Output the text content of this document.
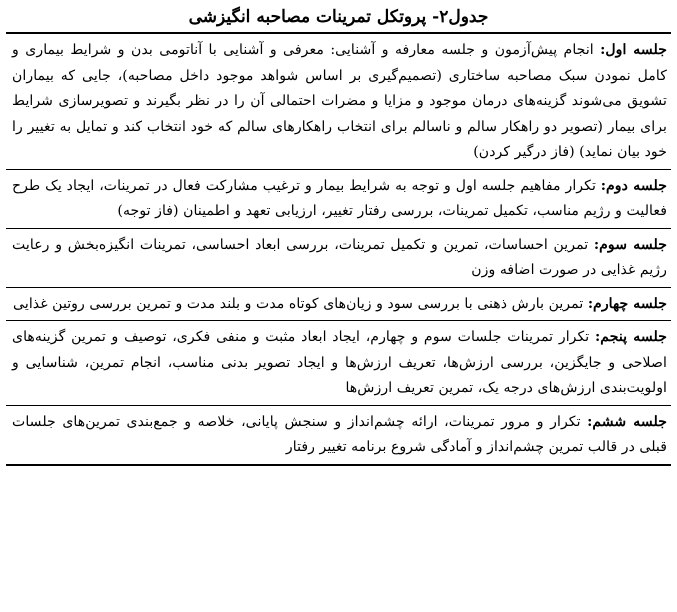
جدول۲- پروتکل تمرینات مصاحبه انگیزشی
جلسه اول: انجام پیش‌آزمون و جلسه معارفه و آشنایی: معرفی و آشنایی با آناتومی بدن و شرایط بیماری و کامل نمودن سبک مصاحبه ساختاری (تصمیم‌گیری بر اساس شواهد موجود داخل مصاحبه)، جایی که بیماران تشویق می‌شوند گزینه‌های درمان موجود و مزایا و مضرات احتمالی آن را در نظر بگیرند و تصویرسازی شرایط برای بیمار (تصویر دو راهکار سالم و ناسالم برای انتخاب راهکارهای سالم که خود انتخاب کند و تمایل به تغییر را خود بیان نماید) (فاز درگیر کردن)
جلسه دوم: تکرار مفاهیم جلسه اول و توجه به شرایط بیمار و ترغیب مشارکت فعال در تمرینات، ایجاد یک طرح فعالیت و رژیم مناسب، تکمیل تمرینات، بررسی رفتار تغییر، ارزیابی تعهد و اطمینان (فاز توجه)
جلسه سوم: تمرین احساسات، تمرین و تکمیل تمرینات، بررسی ابعاد احساسی، تمرینات انگیزه‌بخش و رعایت رژیم غذایی در صورت اضافه وزن
جلسه چهارم: تمرین بارش ذهنی با بررسی سود و زیان‌های کوتاه مدت و بلند مدت و تمرین بررسی روتین غذایی
جلسه پنجم: تکرار تمرینات جلسات سوم و چهارم، ایجاد ابعاد مثبت و منفی فکری، توصیف و تمرین گزینه‌های اصلاحی و جایگزین، بررسی ارزش‌ها، تعریف ارزش‌ها و ایجاد تصویر بدنی مناسب، انجام تمرین، شناسایی و اولویت‌بندی ارزش‌های درجه یک، تمرین تعریف ارزش‌ها
جلسه ششم: تکرار و مرور تمرینات، ارائه چشم‌انداز و سنجش پایانی، خلاصه و جمع‌بندی تمرین‌های جلسات قبلی در قالب تمرین چشم‌انداز و آمادگی شروع برنامه تغییر رفتار
